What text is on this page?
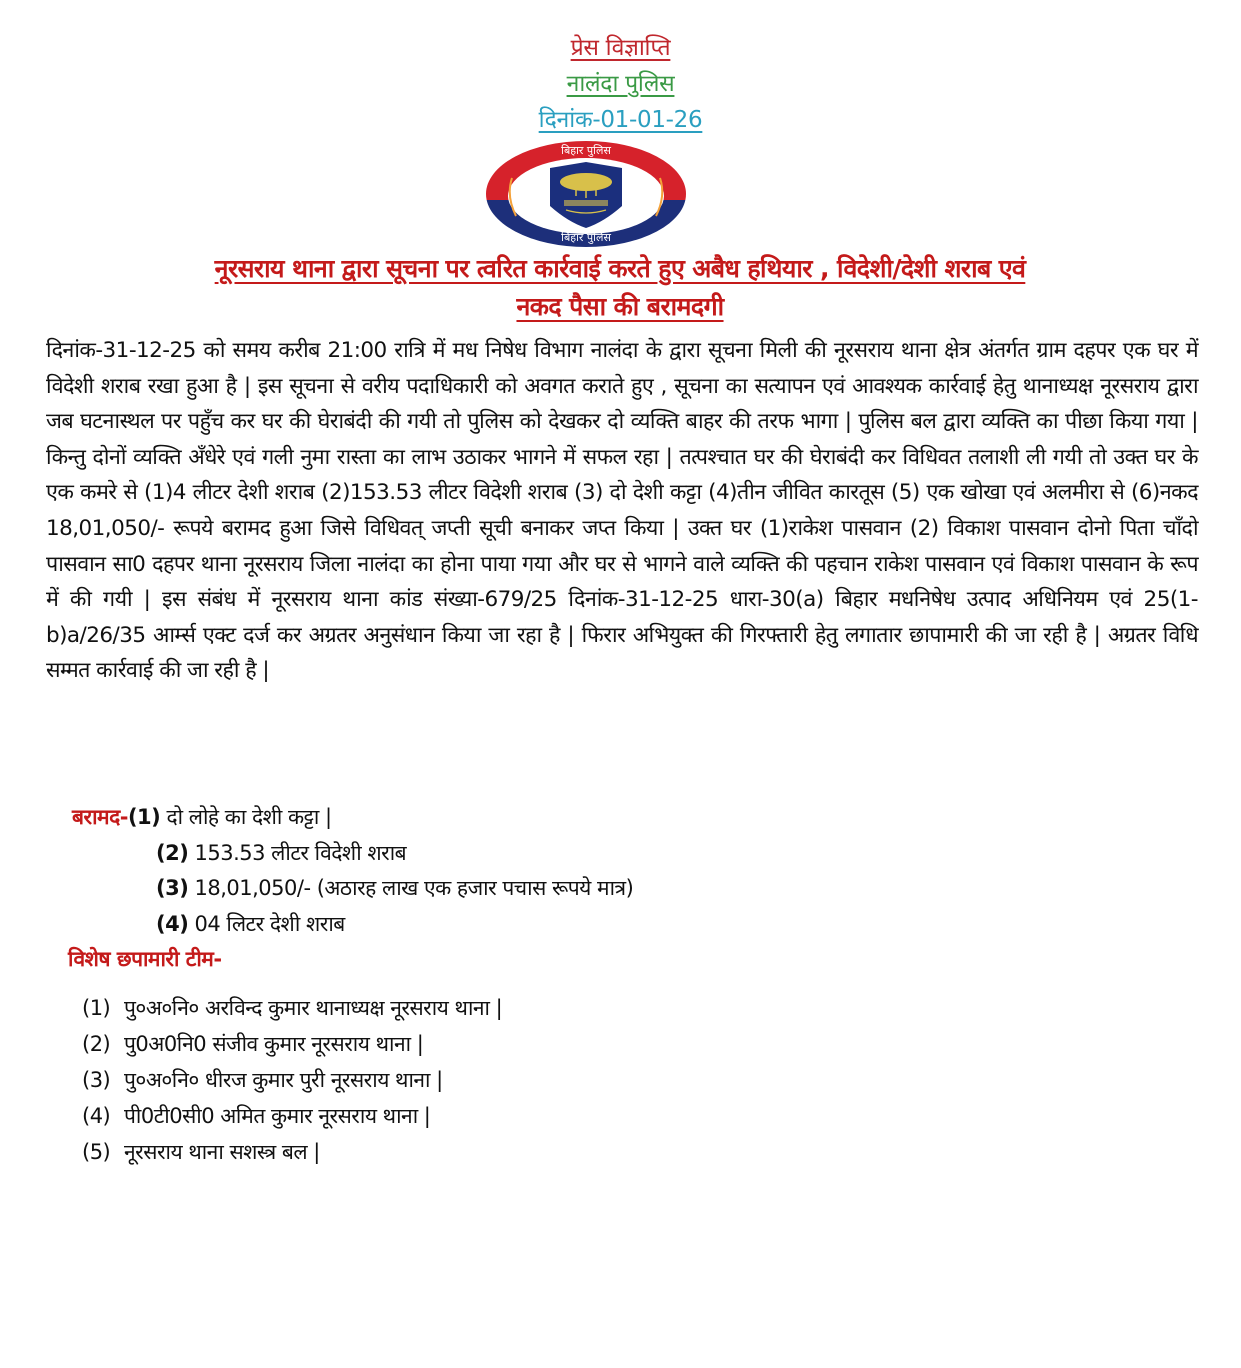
प्रेस विज्ञाप्ति
नालंदा पुलिस
दिनांक-01-01-26
बिहार पुलिस
बिहार पुलिस
नूरसराय थाना द्वारा सूचना पर त्वरित कार्रवाई करते हुए अबैध हथियार , विदेशी/देशी शराब एवं
नकद पैसा की बरामदगी
दिनांक-31-12-25 को समय करीब 21:00 रात्रि में मध निषेध विभाग नालंदा के द्वारा सूचना मिली की नूरसराय थाना क्षेत्र अंतर्गत ग्राम दहपर एक घर में विदेशी शराब रखा हुआ है | इस सूचना से वरीय पदाधिकारी को अवगत कराते हुए , सूचना का सत्यापन एवं आवश्यक कार्रवाई हेतु थानाध्यक्ष नूरसराय द्वारा जब घटनास्थल पर पहुँच कर घर की घेराबंदी की गयी तो पुलिस को देखकर दो व्यक्ति बाहर की तरफ भागा | पुलिस बल द्वारा व्यक्ति का पीछा किया गया | किन्तु दोनों व्यक्ति अँधेरे एवं गली नुमा रास्ता का लाभ उठाकर भागने में सफल रहा | तत्पश्चात घर की घेराबंदी कर विधिवत तलाशी ली गयी तो उक्त घर के एक कमरे से (1)4 लीटर देशी शराब (2)153.53 लीटर विदेशी शराब (3) दो देशी कट्टा (4)तीन जीवित कारतूस (5) एक खोखा एवं अलमीरा से (6)नकद 18,01,050/- रूपये बरामद हुआ जिसे विधिवत् जप्ती सूची बनाकर जप्त किया | उक्त घर (1)राकेश पासवान (2) विकाश पासवान दोनो पिता चाँदो पासवान सा0 दहपर थाना नूरसराय जिला नालंदा का होना पाया गया और घर से भागने वाले व्यक्ति की पहचान राकेश पासवान एवं विकाश पासवान के रूप में की गयी | इस संबंध में नूरसराय थाना कांड संख्या-679/25 दिनांक-31-12-25 धारा-30(a) बिहार मधनिषेध उत्पाद अधिनियम एवं 25(1-b)a/26/35 आर्म्स एक्ट दर्ज कर अग्रतर अनुसंधान किया जा रहा है | फिरार अभियुक्त की गिरफ्तारी हेतु लगातार छापामारी की जा रही है | अग्रतर विधि सम्मत कार्रवाई की जा रही है |
बरामद-(1) दो लोहे का देशी कट्टा |
(2) 153.53 लीटर विदेशी शराब
(3) 18,01,050/- (अठारह लाख एक हजार पचास रूपये मात्र)
(4) 04 लिटर देशी शराब
विशेष छपामारी टीम-
(1) पु०अ०नि० अरविन्द कुमार थानाध्यक्ष नूरसराय थाना |
(2) पु0अ0नि0 संजीव कुमार नूरसराय थाना |
(3) पु०अ०नि० धीरज कुमार पुरी नूरसराय थाना |
(4) पी0टी0सी0 अमित कुमार नूरसराय थाना |
(5) नूरसराय थाना सशस्त्र बल |
